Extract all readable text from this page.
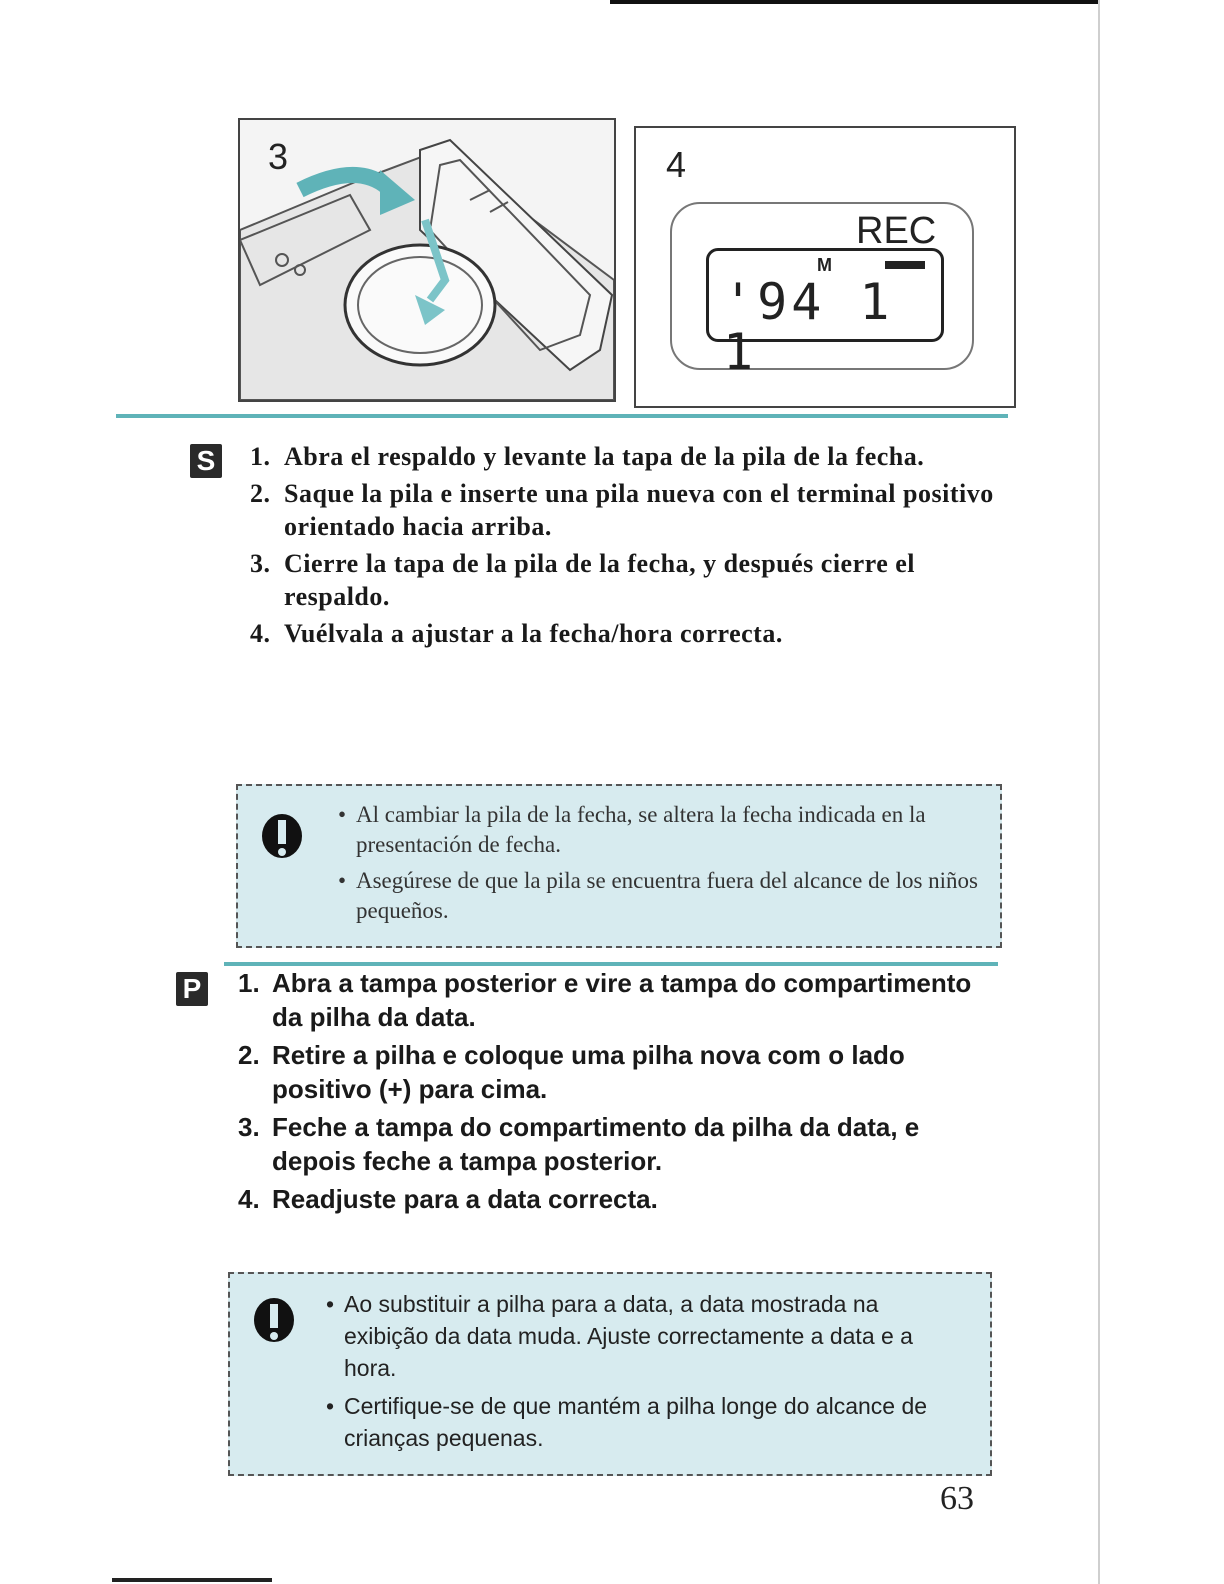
3	4
REC
M
'94 1 1
S 1. Abra el respaldo y levante la tapa de la pila de la fecha.
2. Saque la pila e inserte una pila nueva con el terminal positivo orientado hacia arriba.
3. Cierre la tapa de la pila de la fecha, y después cierre el respaldo.
4. Vuélvala a ajustar a la fecha/hora correcta.
• Al cambiar la pila de la fecha, se altera la fecha indicada en la presentación de fecha.
• Asegúrese de que la pila se encuentra fuera del alcance de los niños pequeños.
P 1. Abra a tampa posterior e vire a tampa do compartimento da pilha da data.
2. Retire a pilha e coloque uma pilha nova com o lado positivo (+) para cima.
3. Feche a tampa do compartimento da pilha da data, e depois feche a tampa posterior.
4. Readjuste para a data correcta.
• Ao substituir a pilha para a data, a data mostrada na exibição da data muda. Ajuste correctamente a data e a hora.
• Certifique-se de que mantém a pilha longe do alcance de crianças pequenas.
63
